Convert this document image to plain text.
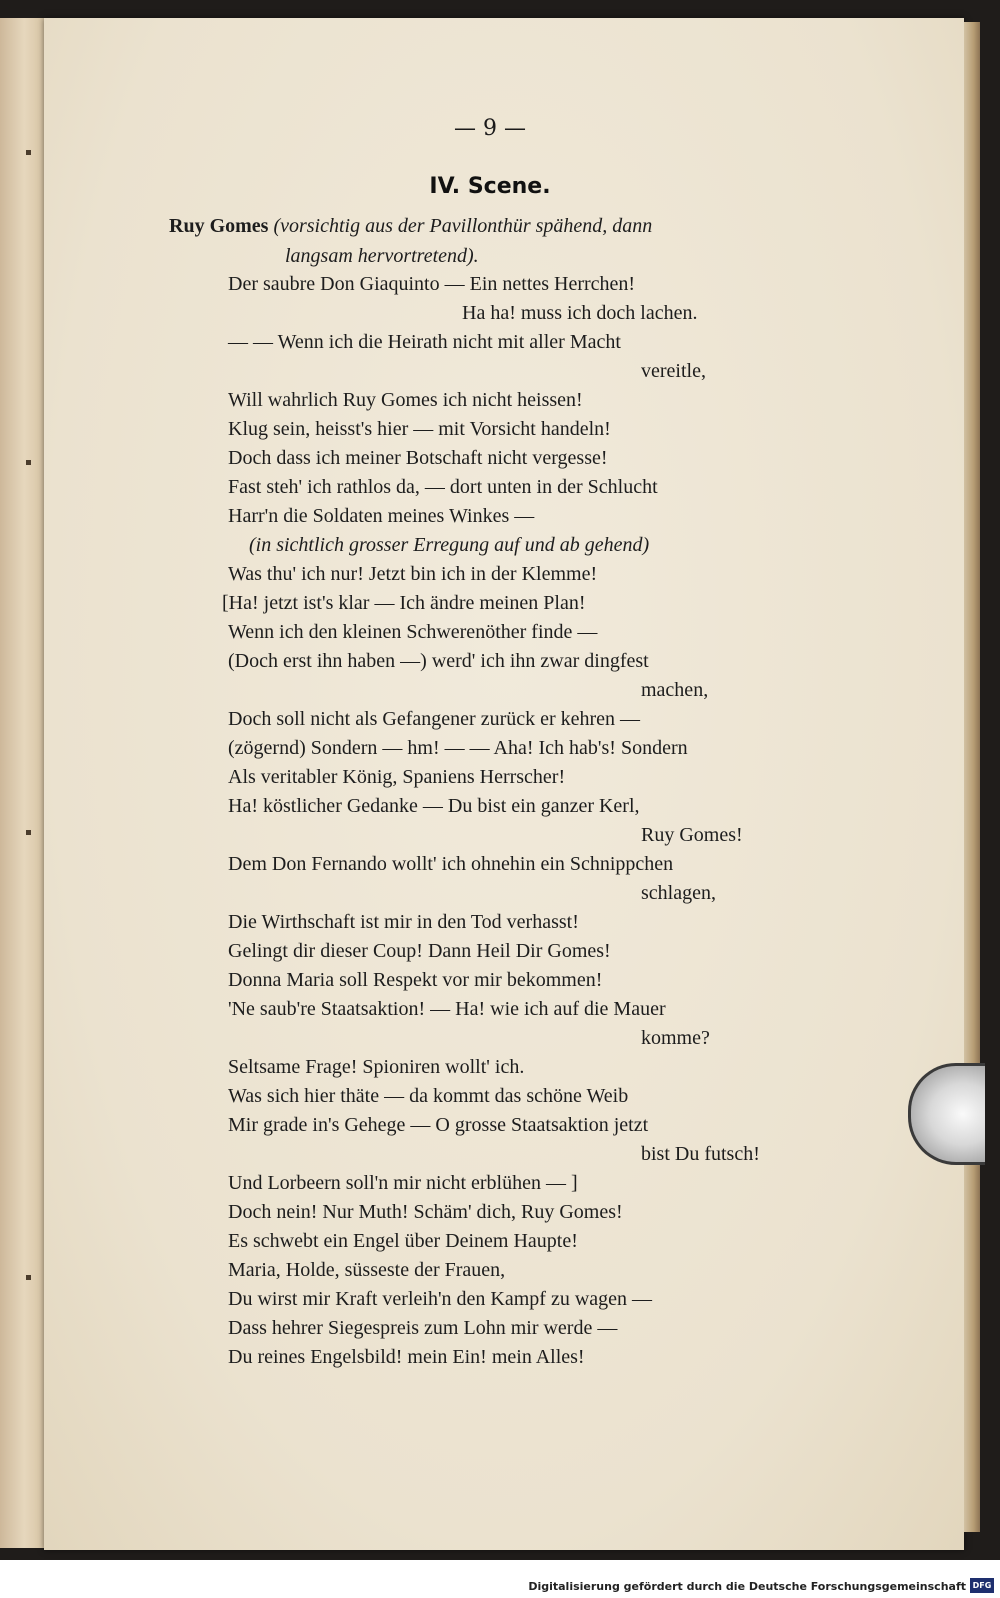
— 9 —
IV. Scene.
Ruy Gomes (vorsichtig aus der Pavillonthür spähend, dann
langsam hervortretend).
Der saubre Don Giaquinto — Ein nettes Herrchen!
Ha ha! muss ich doch lachen.
— — Wenn ich die Heirath nicht mit aller Macht
vereitle,
Will wahrlich Ruy Gomes ich nicht heissen!
Klug sein, heisst's hier — mit Vorsicht handeln!
Doch dass ich meiner Botschaft nicht vergesse!
Fast steh' ich rathlos da, — dort unten in der Schlucht
Harr'n die Soldaten meines Winkes —
(in sichtlich grosser Erregung auf und ab gehend)
Was thu' ich nur! Jetzt bin ich in der Klemme!
[Ha! jetzt ist's klar — Ich ändre meinen Plan!
Wenn ich den kleinen Schwerenöther finde —
(Doch erst ihn haben —) werd' ich ihn zwar dingfest
machen,
Doch soll nicht als Gefangener zurück er kehren —
(zögernd) Sondern — hm! — — Aha! Ich hab's! Sondern
Als veritabler König, Spaniens Herrscher!
Ha! köstlicher Gedanke — Du bist ein ganzer Kerl,
Ruy Gomes!
Dem Don Fernando wollt' ich ohnehin ein Schnippchen
schlagen,
Die Wirthschaft ist mir in den Tod verhasst!
Gelingt dir dieser Coup! Dann Heil Dir Gomes!
Donna Maria soll Respekt vor mir bekommen!
'Ne saub're Staatsaktion! — Ha! wie ich auf die Mauer
komme?
Seltsame Frage! Spioniren wollt' ich.
Was sich hier thäte — da kommt das schöne Weib
Mir grade in's Gehege — O grosse Staatsaktion jetzt
bist Du futsch!
Und Lorbeern soll'n mir nicht erblühen — ]
Doch nein! Nur Muth! Schäm' dich, Ruy Gomes!
Es schwebt ein Engel über Deinem Haupte!
Maria, Holde, süsseste der Frauen,
Du wirst mir Kraft verleih'n den Kampf zu wagen —
Dass hehrer Siegespreis zum Lohn mir werde —
Du reines Engelsbild! mein Ein! mein Alles!
Digitalisierung gefördert durch die Deutsche Forschungsgemeinschaft DFG
